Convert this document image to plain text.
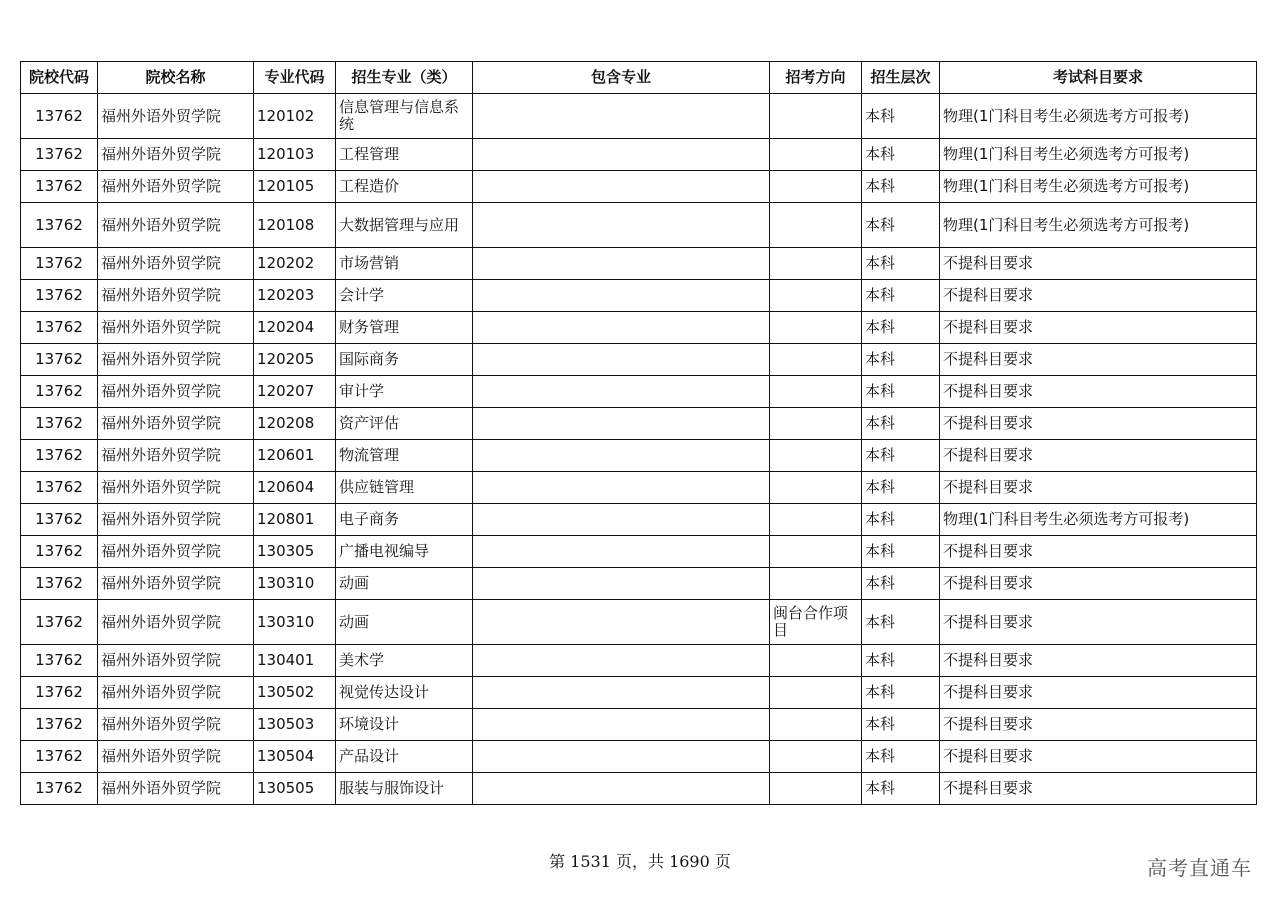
院校代码	院校名称	专业代码	招生专业（类）	包含专业	招考方向	招生层次	考试科目要求
13762	福州外语外贸学院	120102	信息管理与信息系统			本科	物理(1门科目考生必须选考方可报考)
13762	福州外语外贸学院	120103	工程管理			本科	物理(1门科目考生必须选考方可报考)
13762	福州外语外贸学院	120105	工程造价			本科	物理(1门科目考生必须选考方可报考)
13762	福州外语外贸学院	120108	大数据管理与应用			本科	物理(1门科目考生必须选考方可报考)
13762	福州外语外贸学院	120202	市场营销			本科	不提科目要求
13762	福州外语外贸学院	120203	会计学			本科	不提科目要求
13762	福州外语外贸学院	120204	财务管理			本科	不提科目要求
13762	福州外语外贸学院	120205	国际商务			本科	不提科目要求
13762	福州外语外贸学院	120207	审计学			本科	不提科目要求
13762	福州外语外贸学院	120208	资产评估			本科	不提科目要求
13762	福州外语外贸学院	120601	物流管理			本科	不提科目要求
13762	福州外语外贸学院	120604	供应链管理			本科	不提科目要求
13762	福州外语外贸学院	120801	电子商务			本科	物理(1门科目考生必须选考方可报考)
13762	福州外语外贸学院	130305	广播电视编导			本科	不提科目要求
13762	福州外语外贸学院	130310	动画			本科	不提科目要求
13762	福州外语外贸学院	130310	动画		闽台合作项目	本科	不提科目要求
13762	福州外语外贸学院	130401	美术学			本科	不提科目要求
13762	福州外语外贸学院	130502	视觉传达设计			本科	不提科目要求
13762	福州外语外贸学院	130503	环境设计			本科	不提科目要求
13762	福州外语外贸学院	130504	产品设计			本科	不提科目要求
13762	福州外语外贸学院	130505	服装与服饰设计			本科	不提科目要求
第 1531 页，共 1690 页	高考直通车
